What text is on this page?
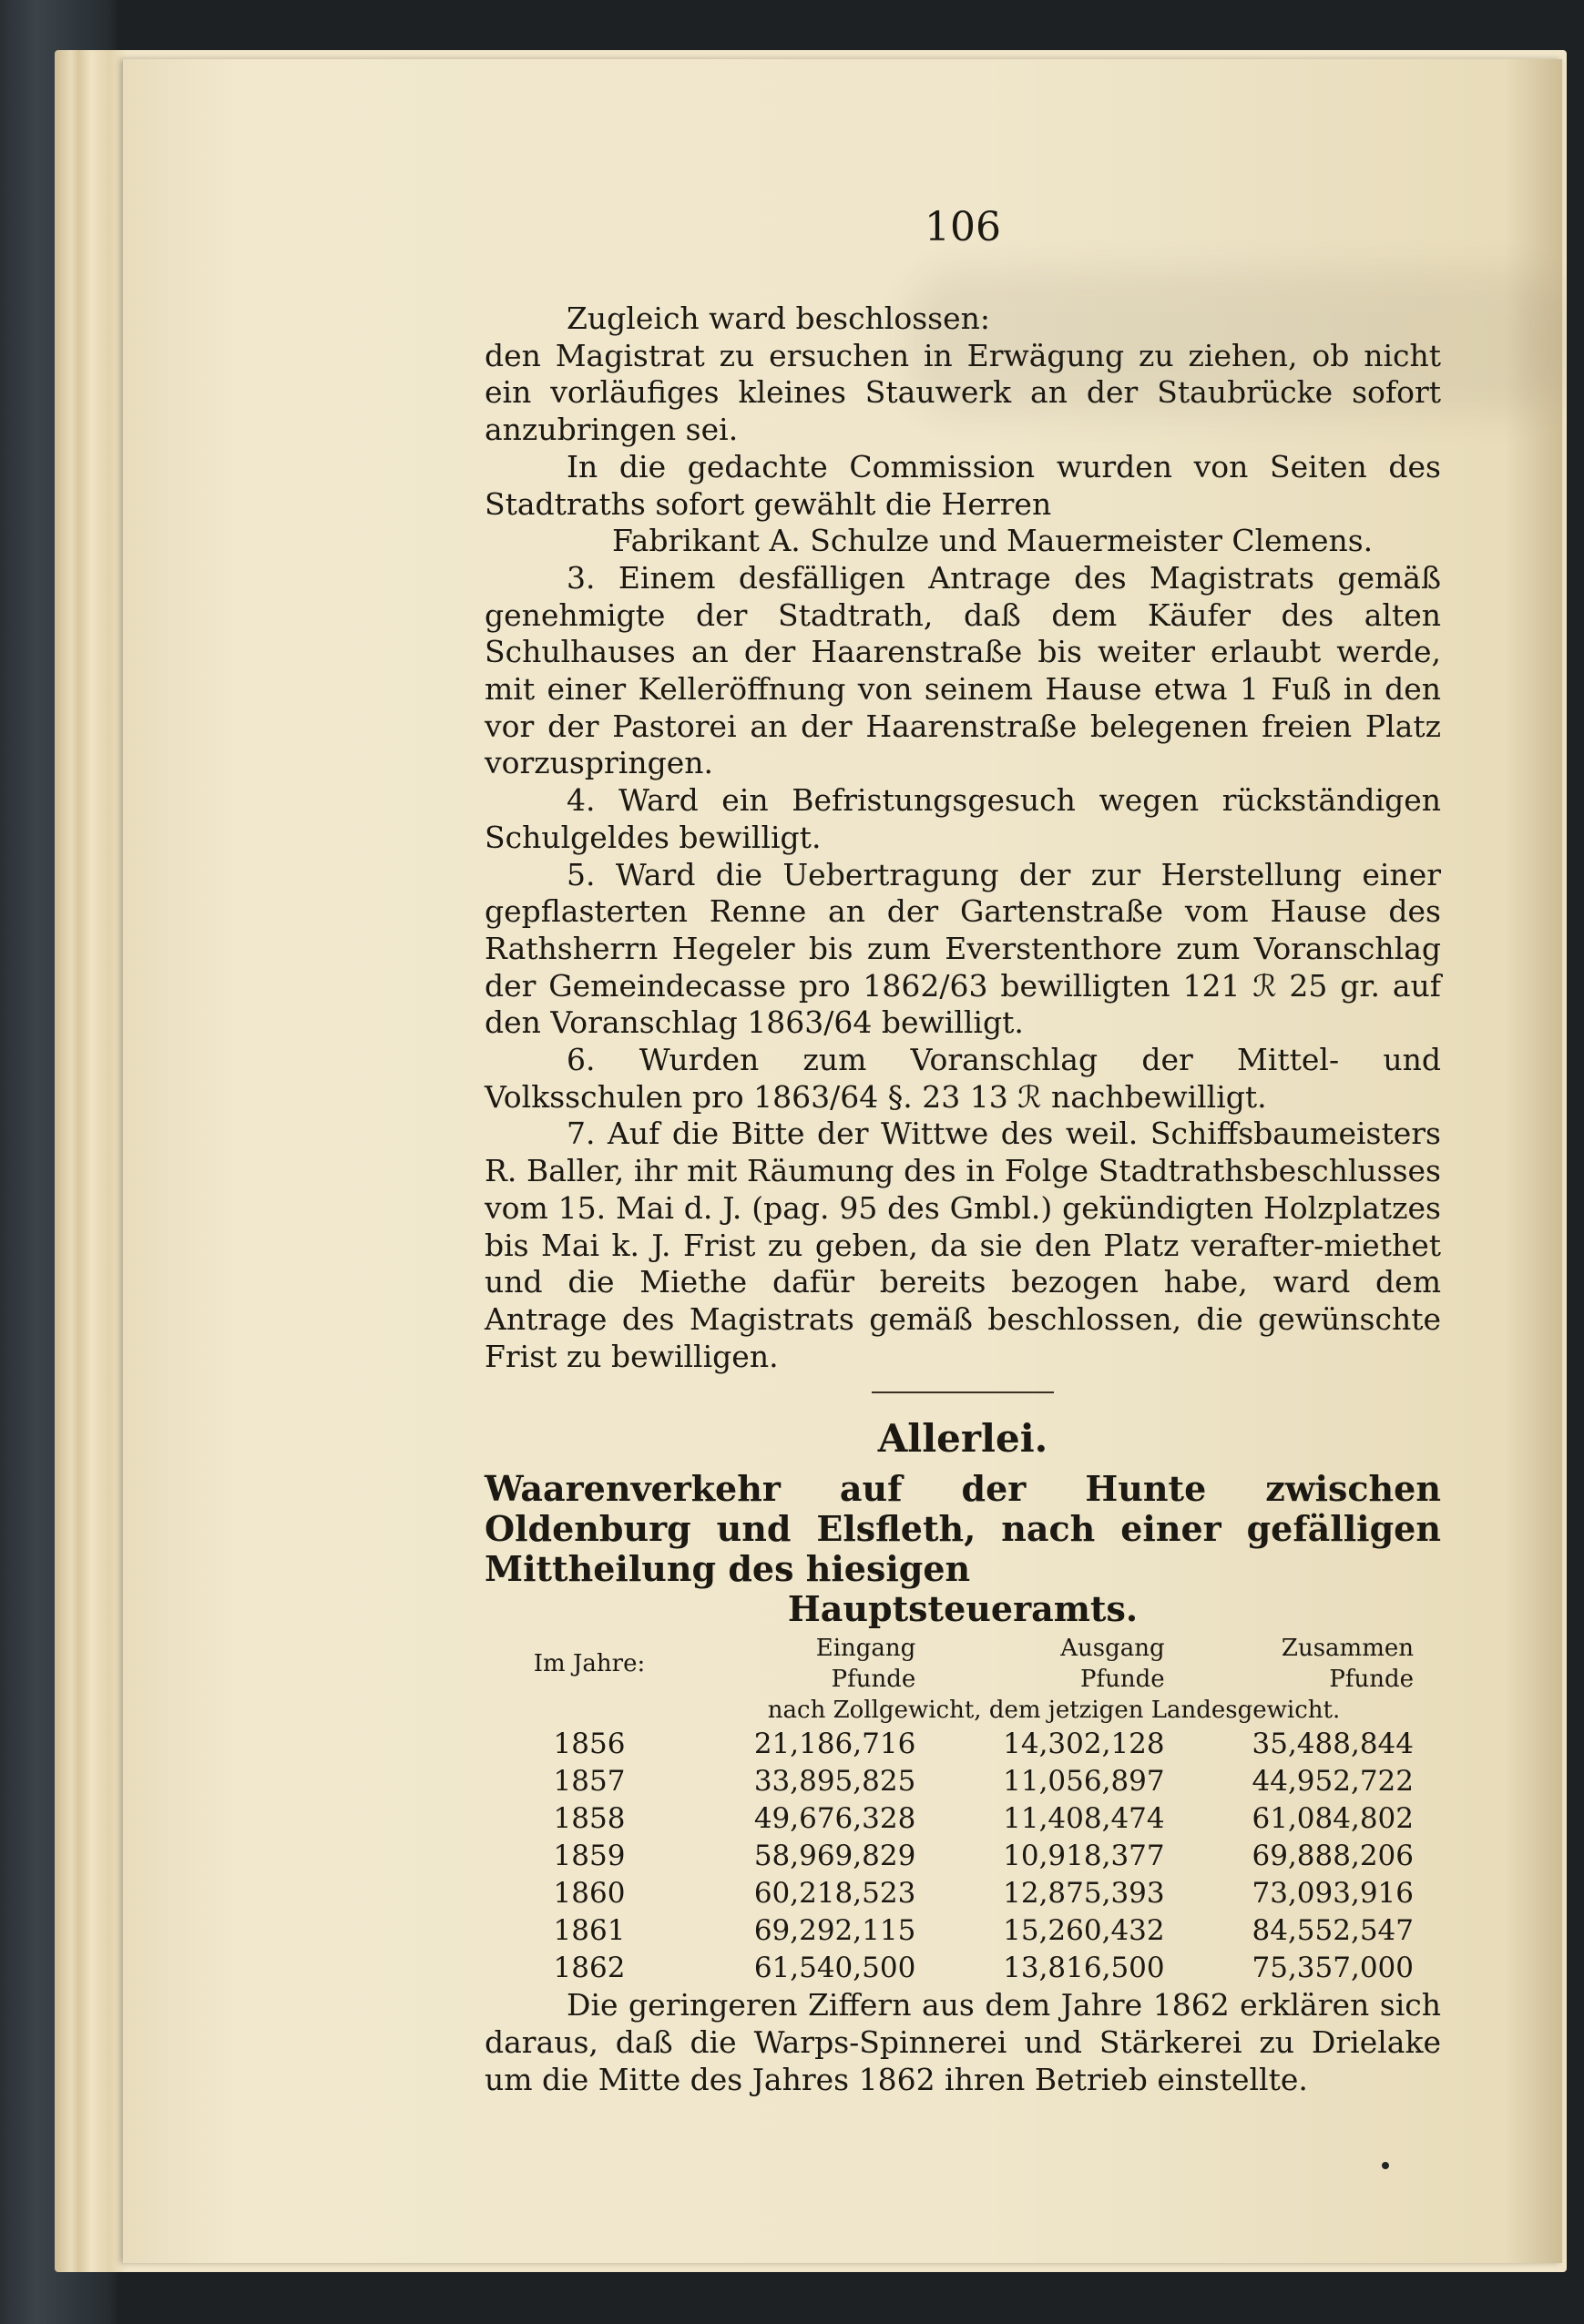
106

Zugleich ward beschlossen:

den Magistrat zu ersuchen in Erwägung zu ziehen, ob nicht ein vorläufiges kleines Stauwerk an der Staubrücke sofort anzubringen sei.

In die gedachte Commission wurden von Seiten des Stadtraths sofort gewählt die Herren

Fabrikant A. Schulze und Mauermeister Clemens.

3. Einem desfälligen Antrage des Magistrats gemäß genehmigte der Stadtrath, daß dem Käufer des alten Schulhauses an der Haarenstraße bis weiter erlaubt werde, mit einer Kelleröffnung von seinem Hause etwa 1 Fuß in den vor der Pastorei an der Haarenstraße belegenen freien Platz vorzuspringen.

4. Ward ein Befristungsgesuch wegen rückständigen Schulgeldes bewilligt.

5. Ward die Uebertragung der zur Herstellung einer gepflasterten Renne an der Gartenstraße vom Hause des Rathsherrn Hegeler bis zum Everstenthore zum Voranschlag der Gemeindecasse pro 1862/63 bewilligten 121 ℛ 25 gr. auf den Voranschlag 1863/64 bewilligt.

6. Wurden zum Voranschlag der Mittel- und Volksschulen pro 1863/64 §. 23 13 ℛ nachbewilligt.

7. Auf die Bitte der Wittwe des weil. Schiffsbaumeisters R. Baller, ihr mit Räumung des in Folge Stadtrathsbeschlusses vom 15. Mai d. J. (pag. 95 des Gmbl.) gekündigten Holzplatzes bis Mai k. J. Frist zu geben, da sie den Platz verafter-miethet und die Miethe dafür bereits bezogen habe, ward dem Antrage des Magistrats gemäß beschlossen, die gewünschte Frist zu bewilligen.

Allerlei.

Waarenverkehr auf der Hunte zwischen Oldenburg und Elsfleth, nach einer gefälligen Mittheilung des hiesigen

Hauptsteueramts.

Im Jahre:	Eingang	Ausgang	Zusammen
	Pfunde	Pfunde	Pfunde
	nach Zollgewicht, dem jetzigen Landesgewicht.		
1856	21,186,716	14,302,128	35,488,844
1857	33,895,825	11,056,897	44,952,722
1858	49,676,328	11,408,474	61,084,802
1859	58,969,829	10,918,377	69,888,206
1860	60,218,523	12,875,393	73,093,916
1861	69,292,115	15,260,432	84,552,547
1862	61,540,500	13,816,500	75,357,000

Die geringeren Ziffern aus dem Jahre 1862 erklären sich daraus, daß die Warps-Spinnerei und Stärkerei zu Drielake um die Mitte des Jahres 1862 ihren Betrieb einstellte.
